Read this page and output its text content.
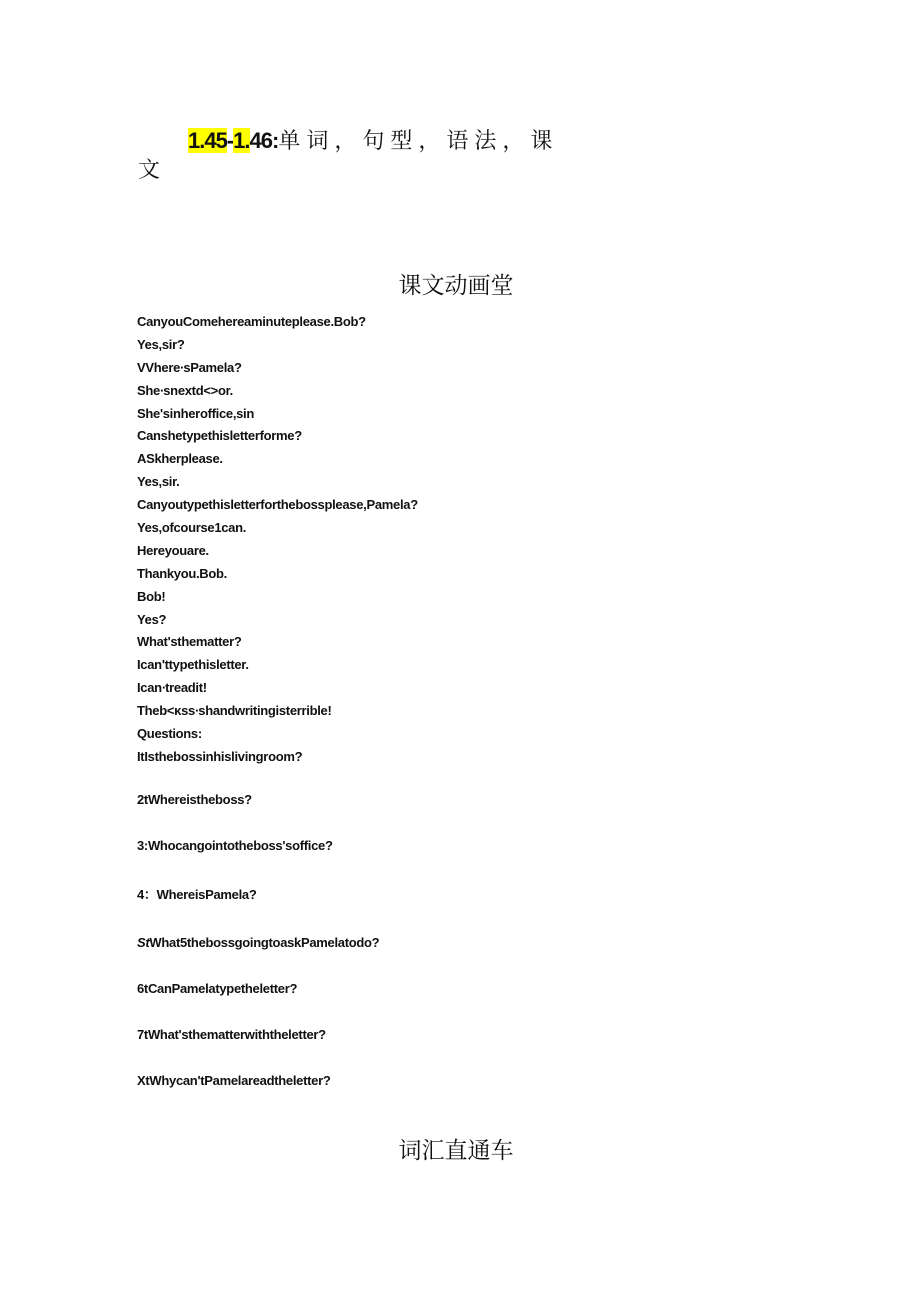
1.45-1.46:单词，句型，语法，课
文
课文动画堂
CanyouComehereaminuteplease.Bob?
Yes,sir?
VVhere∙sPamela?
She∙snextd<>or.
She'sinheroffice,sin
Canshetypethisletterforme?
ASkherplease.
Yes,sir.
Canyoutypethisletterforthebossplease,Pamela?
Yes,ofcourse1can.
Hereyouare.
Thankyou.Bob.
Bob!
Yes?
What'sthematter?
Ican'ttypethisletter.
Ican∙treadit!
Theb<κss∙shandwritingisterrible!
Questions:
ItIsthebossinhislivingroom?

2tWhereistheboss?

3:Whocangointotheboss'soffice?

4：WhereisPamela?

StWhat5thebossgoingtoaskPamelatodo?

6tCanPamelatypetheletter?

7tWhat'sthematterwiththeletter?

XtWhycan'tPamelareadtheletter?

词汇直通车
